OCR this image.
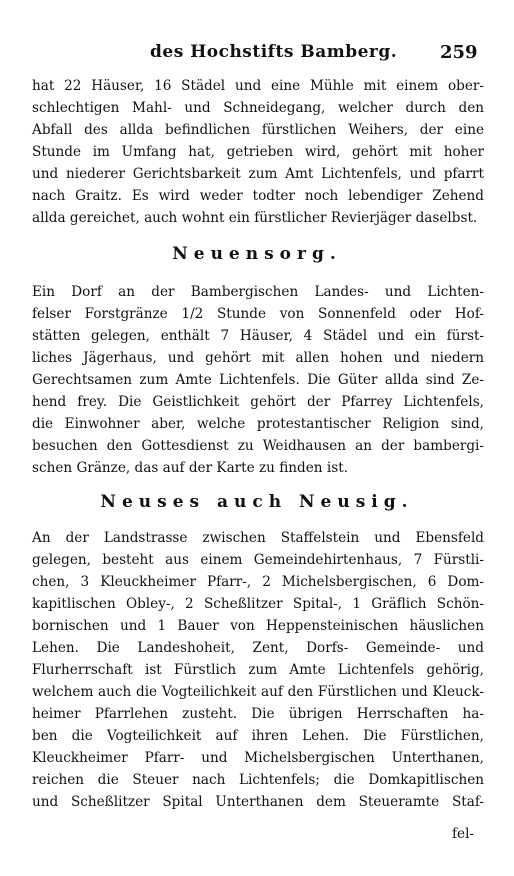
des Hochstifts Bamberg. 259
hat 22 Häuser, 16 Städel und eine Mühle mit einem ober-
schlechtigen Mahl- und Schneidegang, welcher durch den
Abfall des allda befindlichen fürstlichen Weihers, der eine
Stunde im Umfang hat, getrieben wird, gehört mit hoher
und niederer Gerichtsbarkeit zum Amt Lichtenfels, und pfarrt
nach Graitz. Es wird weder todter noch lebendiger Zehend
allda gereichet, auch wohnt ein fürstlicher Revierjäger daselbst.
Neuensorg.
Ein Dorf an der Bambergischen Landes- und Lichten-
felser Forstgränze 1/2 Stunde von Sonnenfeld oder Hof-
stätten gelegen, enthält 7 Häuser, 4 Städel und ein fürst-
liches Jägerhaus, und gehört mit allen hohen und niedern
Gerechtsamen zum Amte Lichtenfels. Die Güter allda sind Ze-
hend frey. Die Geistlichkeit gehört der Pfarrey Lichtenfels,
die Einwohner aber, welche protestantischer Religion sind,
besuchen den Gottesdienst zu Weidhausen an der bambergi-
schen Gränze, das auf der Karte zu finden ist.
Neuses auch Neusig.
An der Landstrasse zwischen Staffelstein und Ebensfeld
gelegen, besteht aus einem Gemeindehirtenhaus, 7 Fürstli-
chen, 3 Kleuckheimer Pfarr-, 2 Michelsbergischen, 6 Dom-
kapitlischen Obley-, 2 Scheßlitzer Spital-, 1 Gräflich Schön-
bornischen und 1 Bauer von Heppensteinischen häuslichen
Lehen. Die Landeshoheit, Zent, Dorfs- Gemeinde- und
Flurherrschaft ist Fürstlich zum Amte Lichtenfels gehörig,
welchem auch die Vogteilichkeit auf den Fürstlichen und Kleuck-
heimer Pfarrlehen zusteht. Die übrigen Herrschaften ha-
ben die Vogteilichkeit auf ihren Lehen. Die Fürstlichen,
Kleuckheimer Pfarr- und Michelsbergischen Unterthanen,
reichen die Steuer nach Lichtenfels; die Domkapitlischen
und Scheßlitzer Spital Unterthanen dem Steueramte Staf-
fel-
